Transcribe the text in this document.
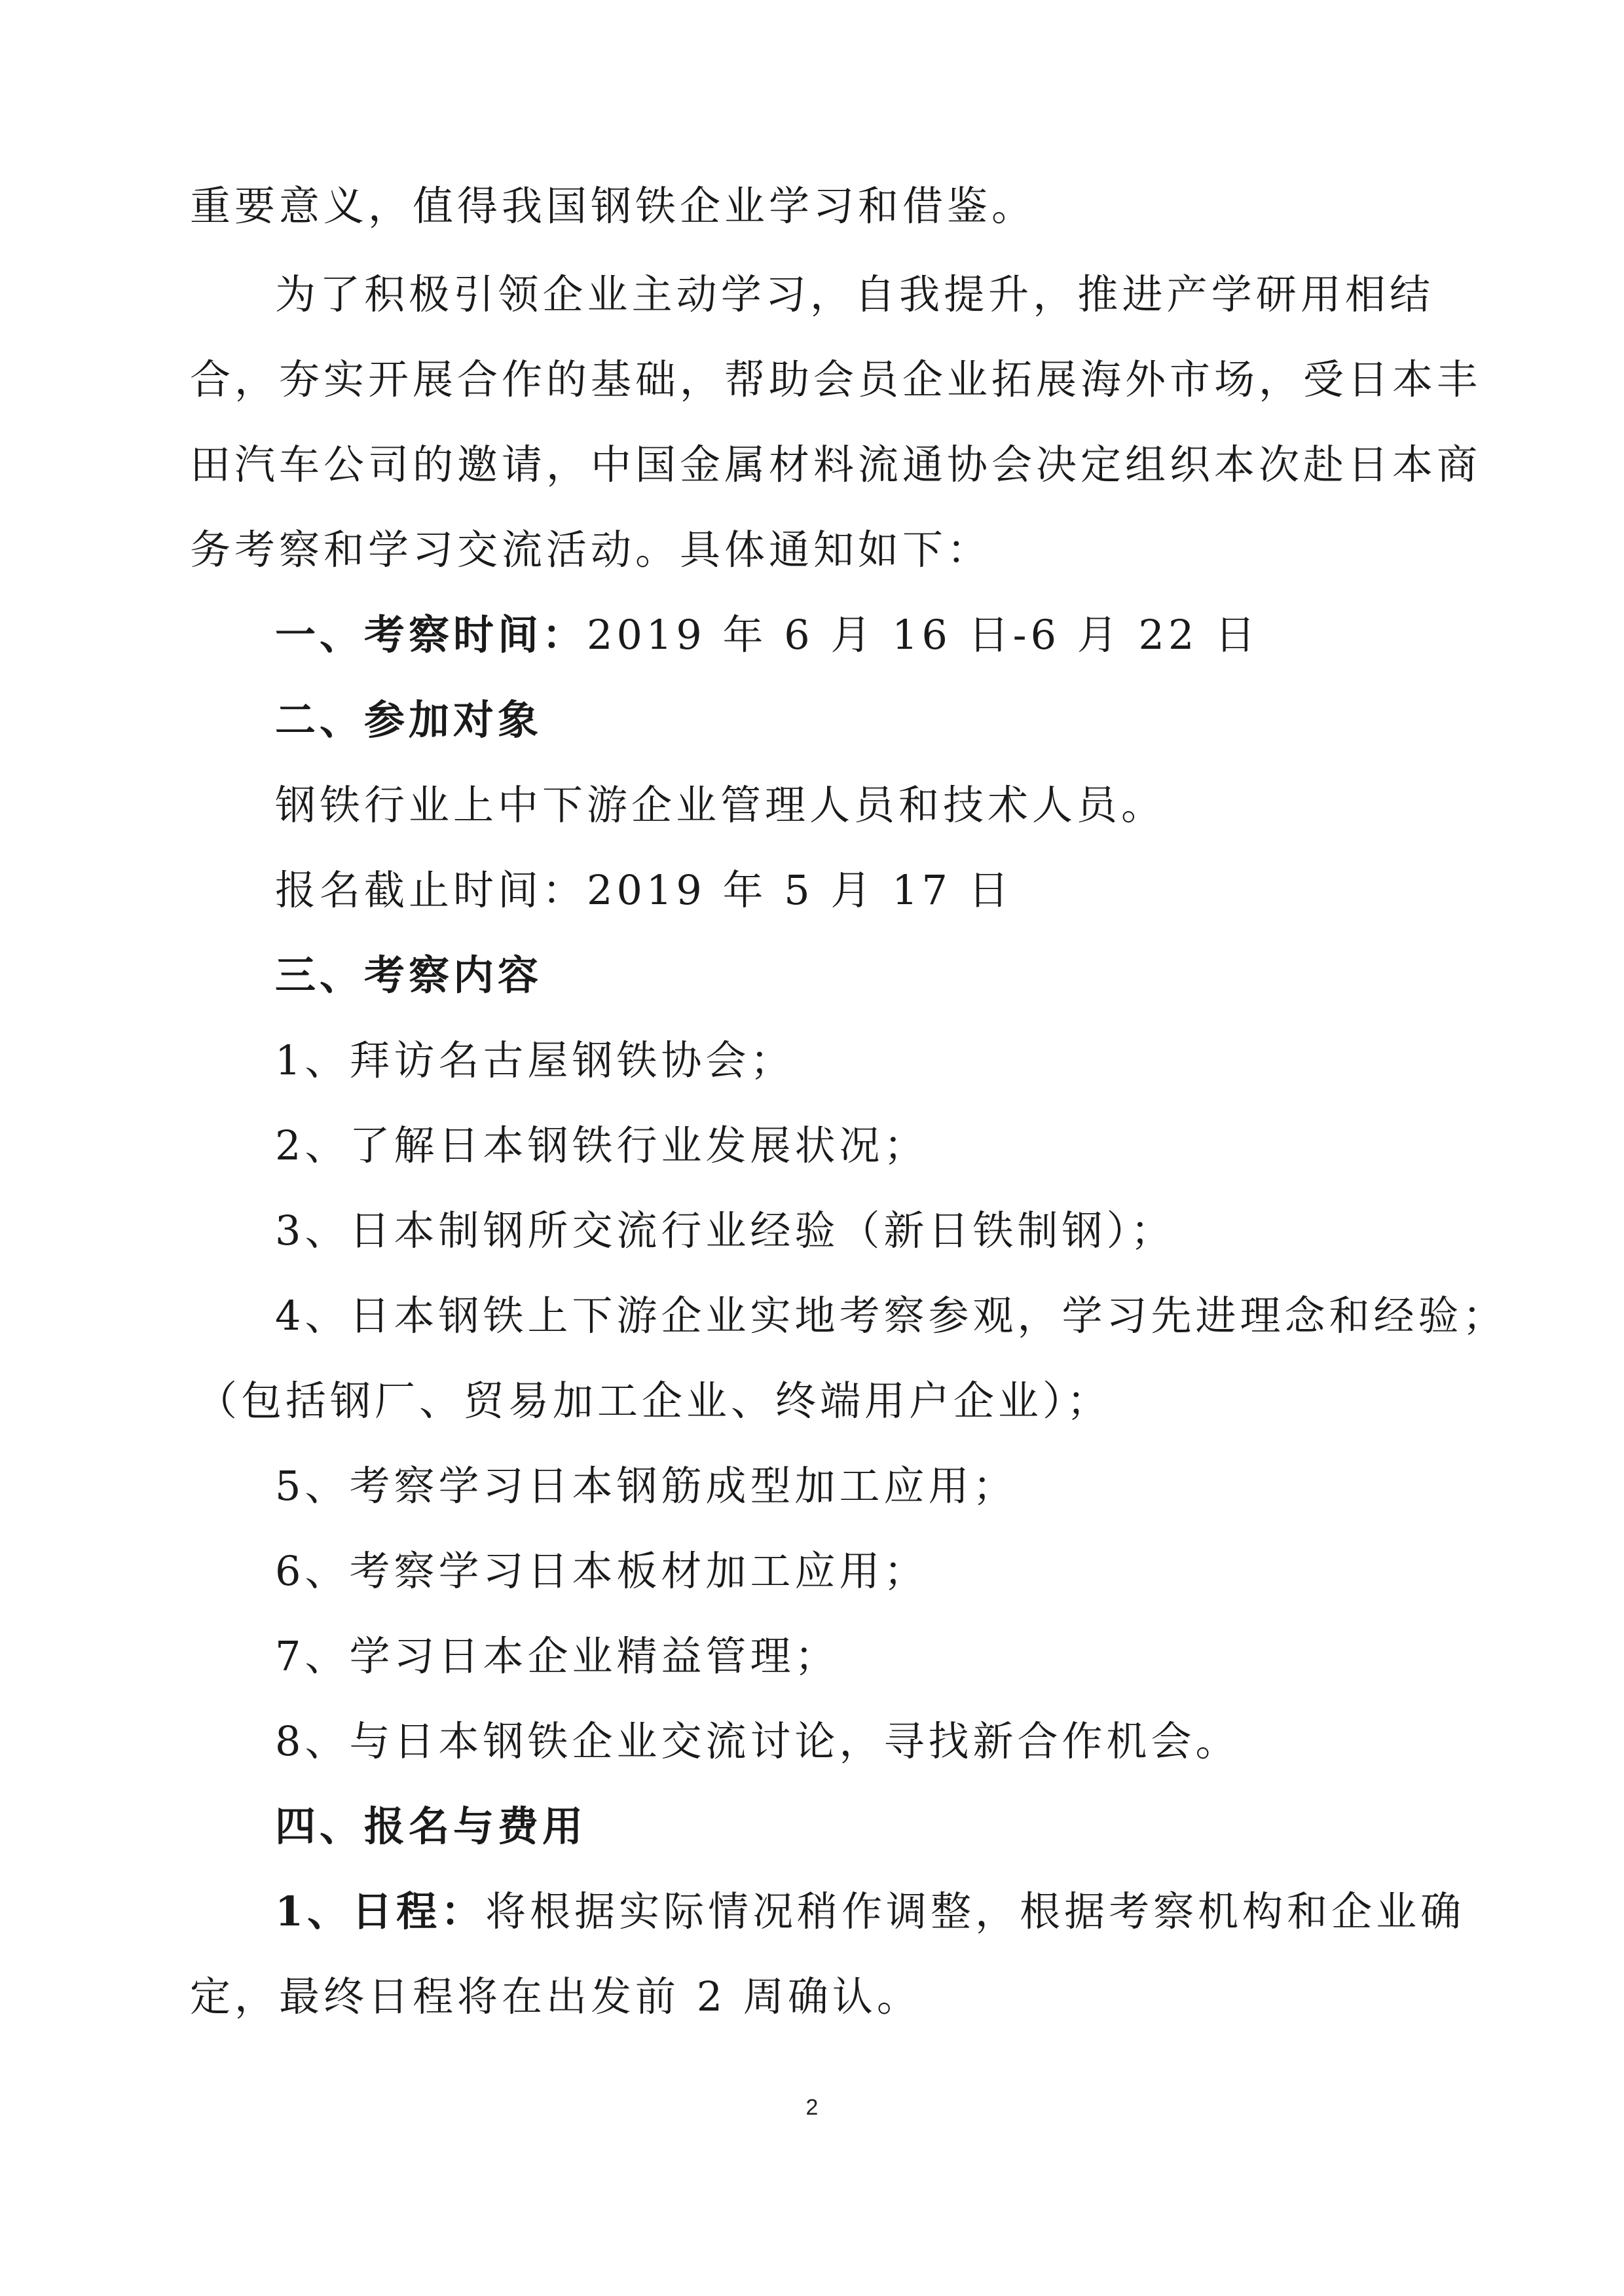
重要意义，值得我国钢铁企业学习和借鉴。
为了积极引领企业主动学习，自我提升，推进产学研用相结
合，夯实开展合作的基础，帮助会员企业拓展海外市场，受日本丰
田汽车公司的邀请，中国金属材料流通协会决定组织本次赴日本商
务考察和学习交流活动。具体通知如下：
一、考察时间：2019 年 6 月 16 日-6 月 22 日
二、参加对象
钢铁行业上中下游企业管理人员和技术人员。
报名截止时间：2019 年 5 月 17 日
三、考察内容
1、拜访名古屋钢铁协会；
2、了解日本钢铁行业发展状况；
3、日本制钢所交流行业经验（新日铁制钢）；
4、日本钢铁上下游企业实地考察参观，学习先进理念和经验；
（包括钢厂、贸易加工企业、终端用户企业）；
5、考察学习日本钢筋成型加工应用；
6、考察学习日本板材加工应用；
7、学习日本企业精益管理；
8、与日本钢铁企业交流讨论，寻找新合作机会。
四、报名与费用
1、日程：将根据实际情况稍作调整，根据考察机构和企业确
定，最终日程将在出发前 2 周确认。
2
